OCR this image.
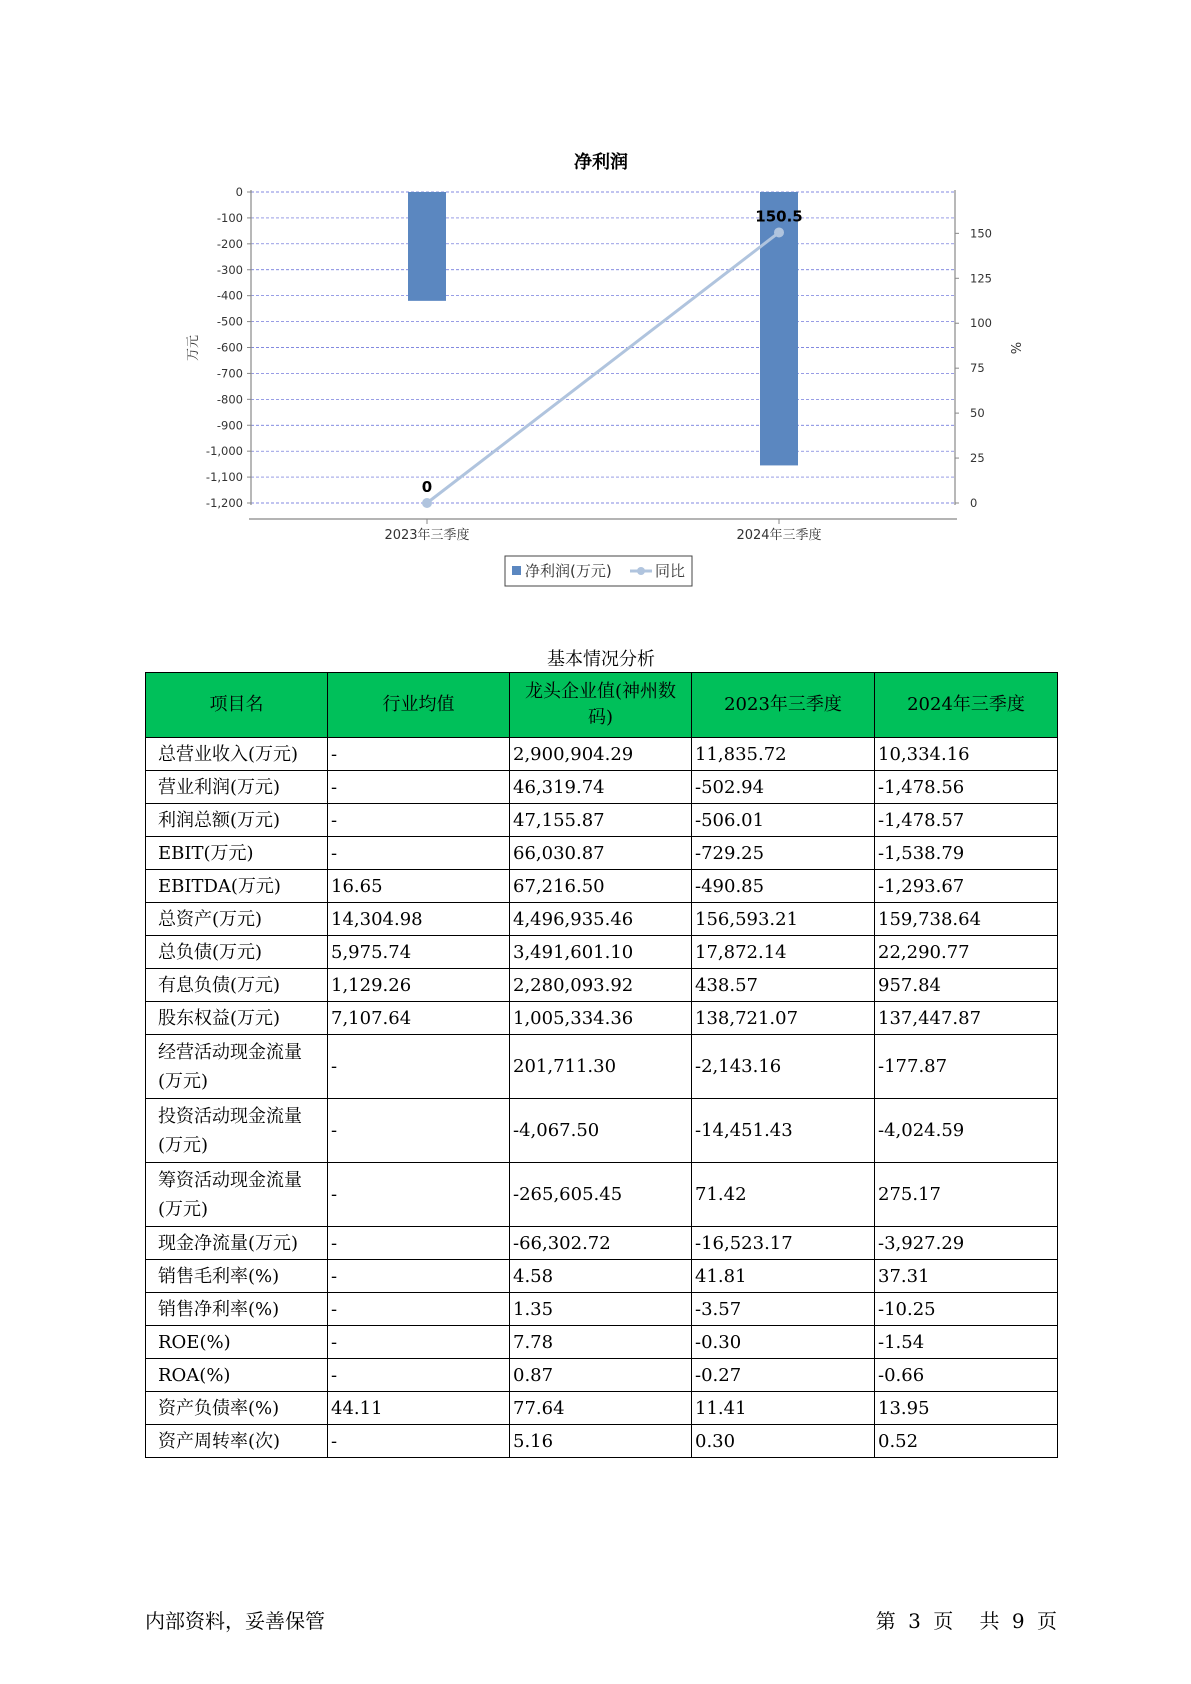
净利润
0
-100
-200
-300
-400
-500
-600
-700
-800
-900
-1,000
-1,100
-1,200	0
25
50
75
100
125
150
万元	%
2023年三季度	2024年三季度
0
150.5
净利润(万元)	同比
基本情况分析
项目名	行业均值	龙头企业值(神州数码)	2023年三季度	2024年三季度
总营业收入(万元)	-	2,900,904.29	11,835.72	10,334.16
营业利润(万元)	-	46,319.74	-502.94	-1,478.56
利润总额(万元)	-	47,155.87	-506.01	-1,478.57
EBIT(万元)	-	66,030.87	-729.25	-1,538.79
EBITDA(万元)	16.65	67,216.50	-490.85	-1,293.67
总资产(万元)	14,304.98	4,496,935.46	156,593.21	159,738.64
总负债(万元)	5,975.74	3,491,601.10	17,872.14	22,290.77
有息负债(万元)	1,129.26	2,280,093.92	438.57	957.84
股东权益(万元)	7,107.64	1,005,334.36	138,721.07	137,447.87
经营活动现金流量(万元)	-	201,711.30	-2,143.16	-177.87
投资活动现金流量(万元)	-	-4,067.50	-14,451.43	-4,024.59
筹资活动现金流量(万元)	-	-265,605.45	71.42	275.17
现金净流量(万元)	-	-66,302.72	-16,523.17	-3,927.29
销售毛利率(%)	-	4.58	41.81	37.31
销售净利率(%)	-	1.35	-3.57	-10.25
ROE(%)	-	7.78	-0.30	-1.54
ROA(%)	-	0.87	-0.27	-0.66
资产负债率(%)	44.11	77.64	11.41	13.95
资产周转率(次)	-	5.16	0.30	0.52
内部资料，妥善保管	第 3 页 共 9 页
